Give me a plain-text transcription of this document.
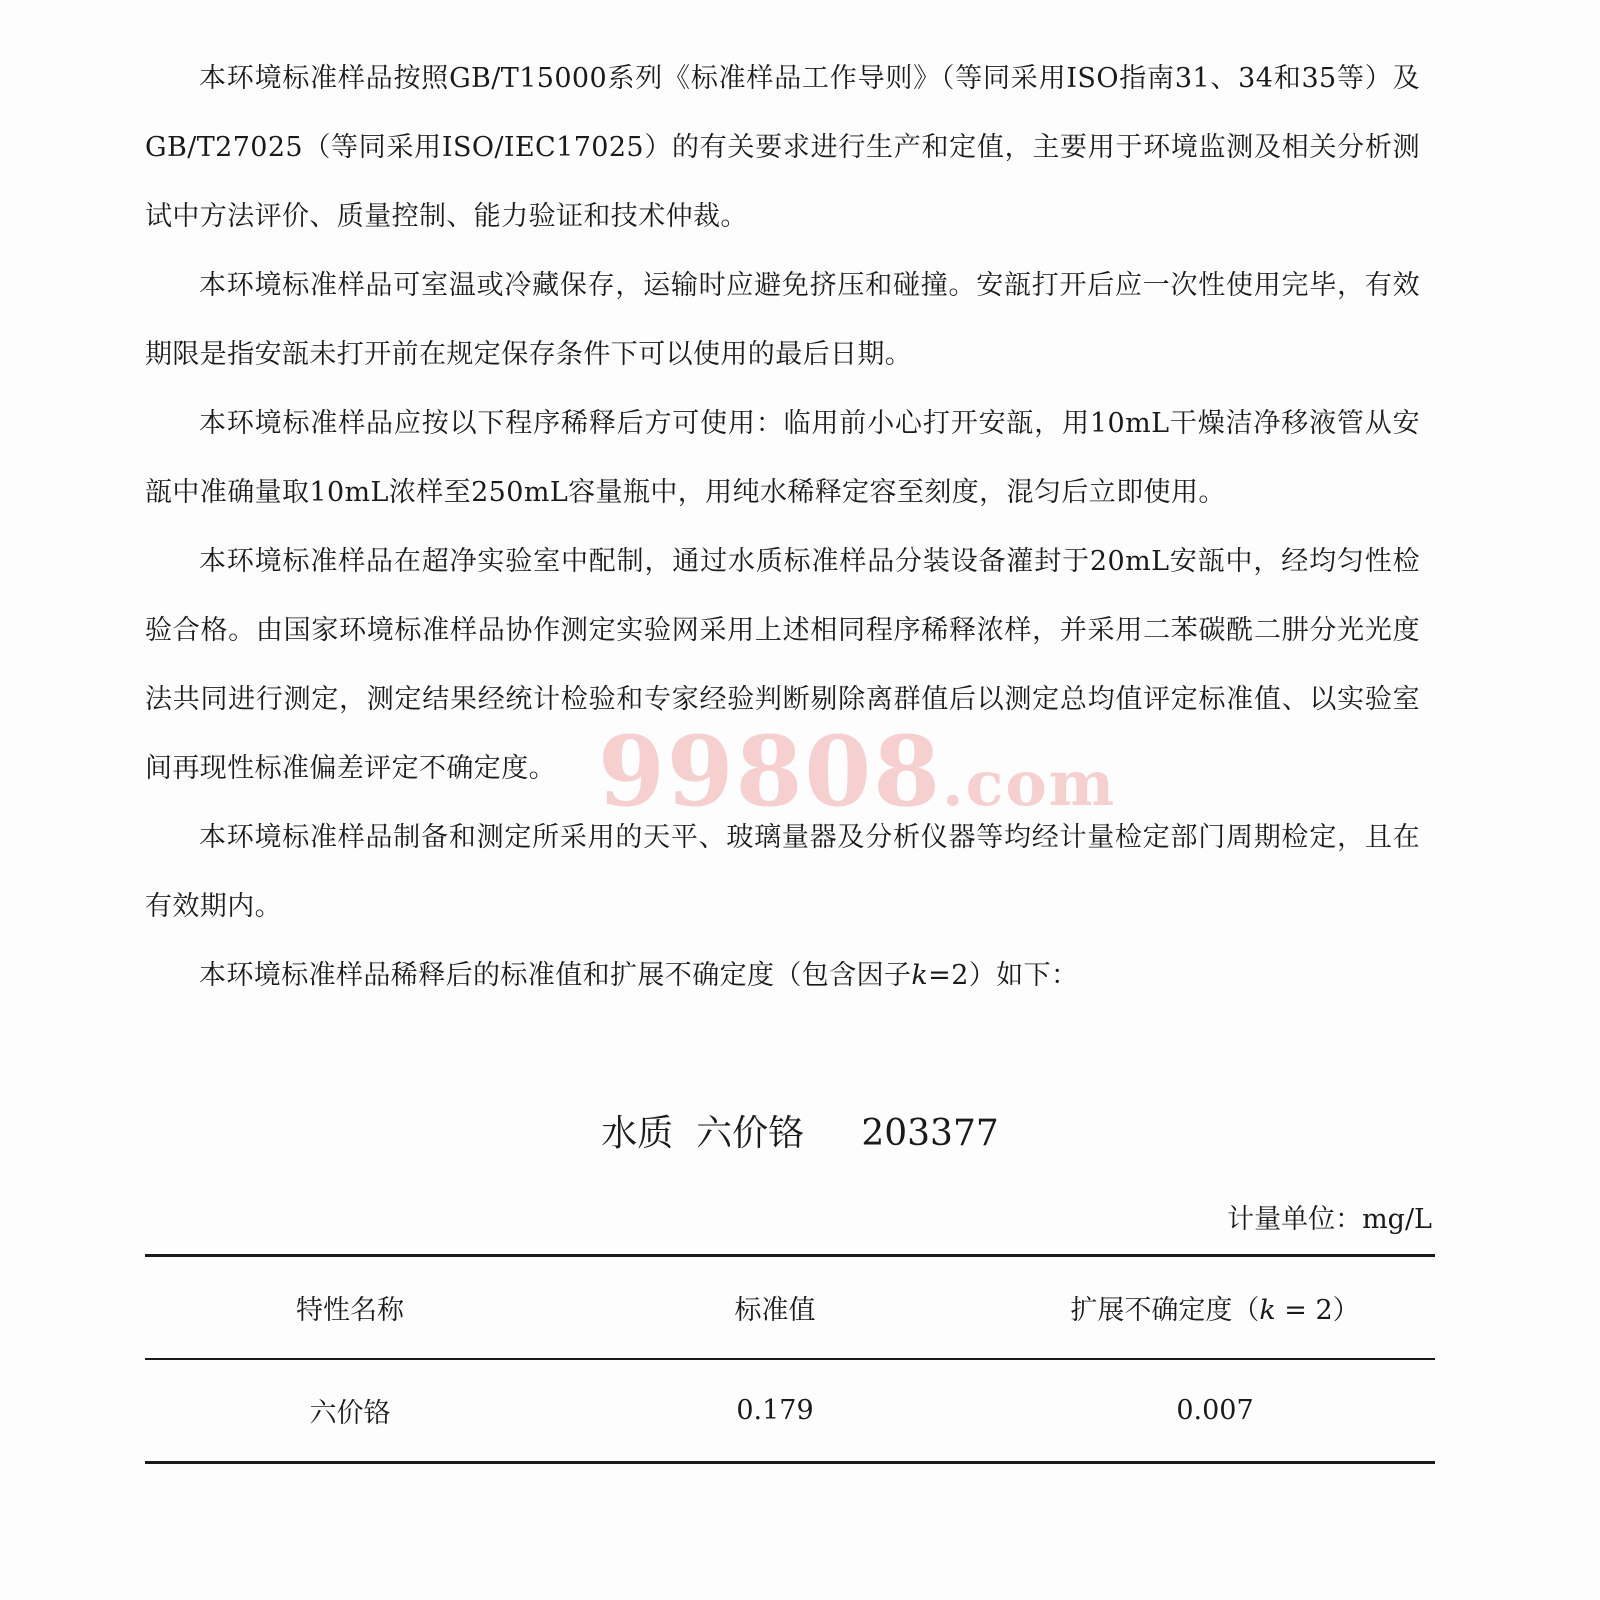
本环境标准样品按照GB/T15000系列《标准样品工作导则》（等同采用ISO指南31、34和35等）及GB/T27025（等同采用ISO/IEC17025）的有关要求进行生产和定值，主要用于环境监测及相关分析测试中方法评价、质量控制、能力验证和技术仲裁。

本环境标准样品可室温或冷藏保存，运输时应避免挤压和碰撞。安瓿打开后应一次性使用完毕，有效期限是指安瓿未打开前在规定保存条件下可以使用的最后日期。

本环境标准样品应按以下程序稀释后方可使用：临用前小心打开安瓿，用10mL干燥洁净移液管从安瓿中准确量取10mL浓样至250mL容量瓶中，用纯水稀释定容至刻度，混匀后立即使用。

本环境标准样品在超净实验室中配制，通过水质标准样品分装设备灌封于20mL安瓿中，经均匀性检验合格。由国家环境标准样品协作测定实验网采用上述相同程序稀释浓样，并采用二苯碳酰二肼分光光度法共同进行测定，测定结果经统计检验和专家经验判断剔除离群值后以测定总均值评定标准值、以实验室间再现性标准偏差评定不确定度。

本环境标准样品制备和测定所采用的天平、玻璃量器及分析仪器等均经计量检定部门周期检定，且在有效期内。

本环境标准样品稀释后的标准值和扩展不确定度（包含因子k=2）如下：

99808.com
水质  六价铬     203377
计量单位：mg/L
特性名称	标准值	扩展不确定度（k = 2）
六价铬	0.179	0.007
